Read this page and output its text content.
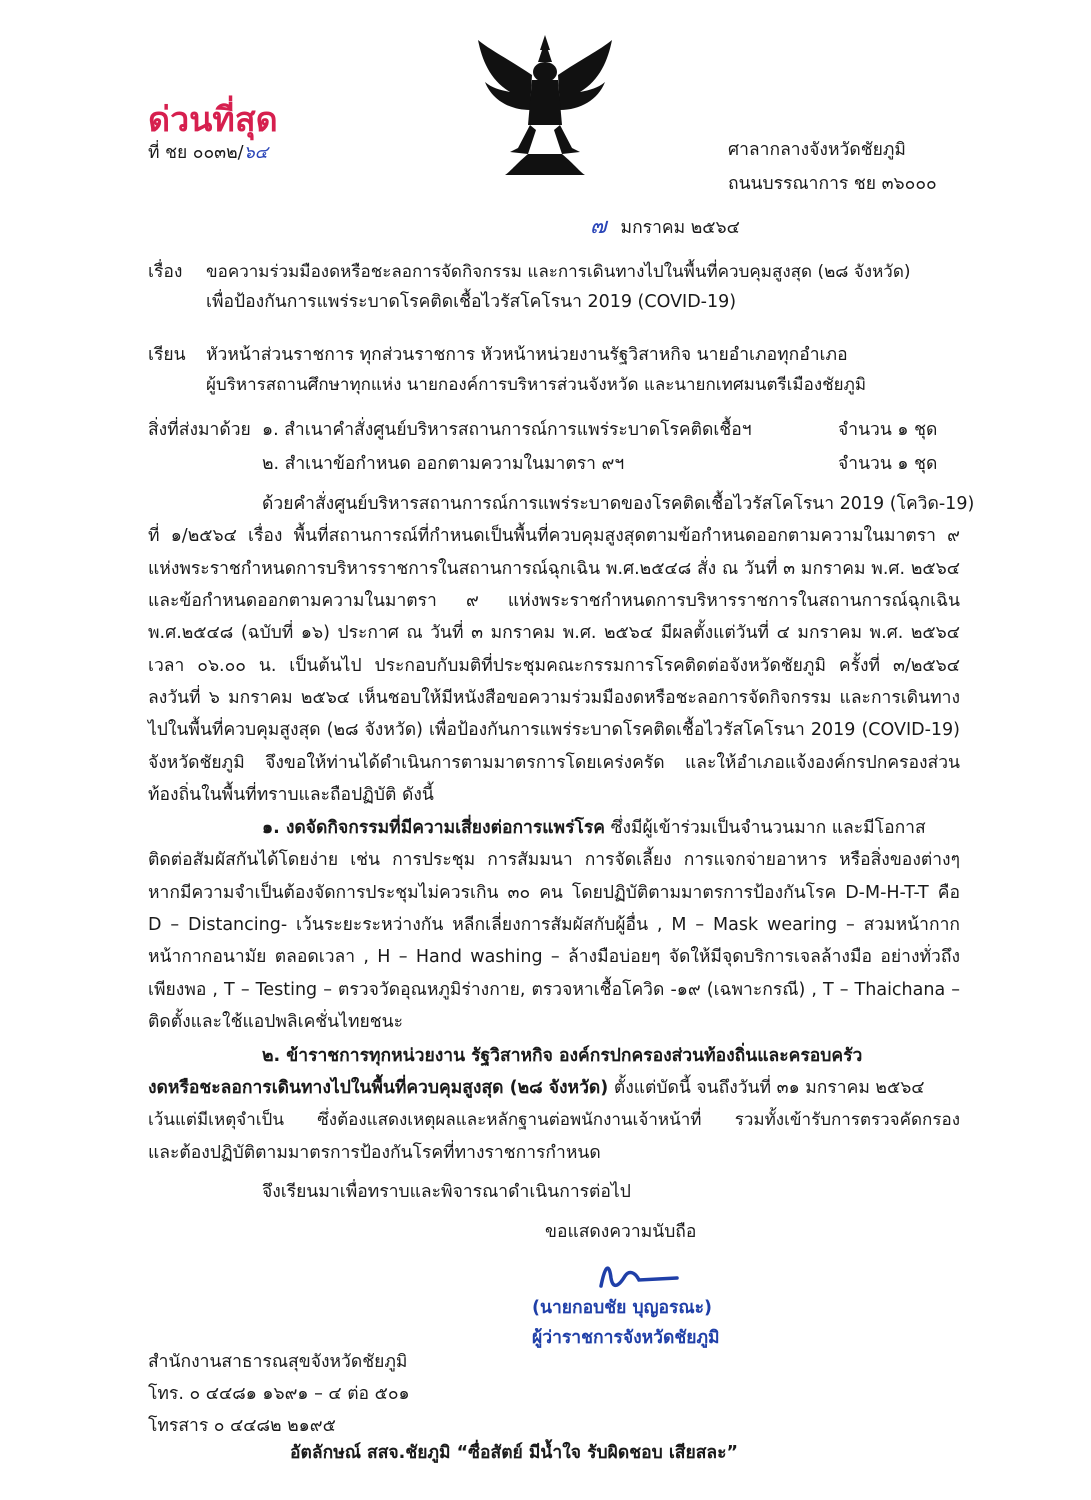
ด่วนที่สุด
ที่ ชย ๐๐๓๒/๖๔	ศาลากลางจังหวัดชัยภูมิ
ถนนบรรณาการ ชย ๓๖๐๐๐
๗ มกราคม ๒๕๖๔
เรื่อง ขอความร่วมมืองดหรือชะลอการจัดกิจกรรม และการเดินทางไปในพื้นที่ควบคุมสูงสุด (๒๘ จังหวัด)
เพื่อป้องกันการแพร่ระบาดโรคติดเชื้อไวรัสโคโรนา 2019 (COVID-19)
เรียน หัวหน้าส่วนราชการ ทุกส่วนราชการ หัวหน้าหน่วยงานรัฐวิสาหกิจ นายอำเภอทุกอำเภอ
ผู้บริหารสถานศึกษาทุกแห่ง นายกองค์การบริหารส่วนจังหวัด และนายกเทศมนตรีเมืองชัยภูมิ
สิ่งที่ส่งมาด้วย ๑. สำเนาคำสั่งศูนย์บริหารสถานการณ์การแพร่ระบาดโรคติดเชื้อฯ	จำนวน ๑ ชุด
๒. สำเนาข้อกำหนด ออกตามความในมาตรา ๙ฯ	จำนวน ๑ ชุด
ด้วยคำสั่งศูนย์บริหารสถานการณ์การแพร่ระบาดของโรคติดเชื้อไวรัสโคโรนา 2019 (โควิด-19)
ที่ ๑/๒๕๖๔ เรื่อง พื้นที่สถานการณ์ที่กำหนดเป็นพื้นที่ควบคุมสูงสุดตามข้อกำหนดออกตามความในมาตรา ๙
แห่งพระราชกำหนดการบริหารราชการในสถานการณ์ฉุกเฉิน พ.ศ.๒๕๔๘ สั่ง ณ วันที่ ๓ มกราคม พ.ศ. ๒๕๖๔
และข้อกำหนดออกตามความในมาตรา ๙ แห่งพระราชกำหนดการบริหารราชการในสถานการณ์ฉุกเฉิน
พ.ศ.๒๕๔๘ (ฉบับที่ ๑๖) ประกาศ ณ วันที่ ๓ มกราคม พ.ศ. ๒๕๖๔ มีผลตั้งแต่วันที่ ๔ มกราคม พ.ศ. ๒๕๖๔
เวลา ๐๖.๐๐ น. เป็นต้นไป ประกอบกับมติที่ประชุมคณะกรรมการโรคติดต่อจังหวัดชัยภูมิ ครั้งที่ ๓/๒๕๖๔
ลงวันที่ ๖ มกราคม ๒๕๖๔ เห็นชอบให้มีหนังสือขอความร่วมมืองดหรือชะลอการจัดกิจกรรม และการเดินทาง
ไปในพื้นที่ควบคุมสูงสุด (๒๘ จังหวัด) เพื่อป้องกันการแพร่ระบาดโรคติดเชื้อไวรัสโคโรนา 2019 (COVID-19)
จังหวัดชัยภูมิ จึงขอให้ท่านได้ดำเนินการตามมาตรการโดยเคร่งครัด และให้อำเภอแจ้งองค์กรปกครองส่วน
ท้องถิ่นในพื้นที่ทราบและถือปฏิบัติ ดังนี้
๑. งดจัดกิจกรรมที่มีความเสี่ยงต่อการแพร่โรค ซึ่งมีผู้เข้าร่วมเป็นจำนวนมาก และมีโอกาส
ติดต่อสัมผัสกันได้โดยง่าย เช่น การประชุม การสัมมนา การจัดเลี้ยง การแจกจ่ายอาหาร หรือสิ่งของต่างๆ
หากมีความจำเป็นต้องจัดการประชุมไม่ควรเกิน ๓๐ คน โดยปฏิบัติตามมาตรการป้องกันโรค D-M-H-T-T คือ
D – Distancing- เว้นระยะระหว่างกัน หลีกเลี่ยงการสัมผัสกับผู้อื่น , M – Mask wearing – สวมหน้ากาก
หน้ากากอนามัย ตลอดเวลา , H – Hand washing – ล้างมือบ่อยๆ จัดให้มีจุดบริการเจลล้างมือ อย่างทั่วถึง
เพียงพอ , T – Testing – ตรวจวัดอุณหภูมิร่างกาย, ตรวจหาเชื้อโควิด -๑๙ (เฉพาะกรณี) , T – Thaichana –
ติดตั้งและใช้แอปพลิเคชั่นไทยชนะ
๒. ข้าราชการทุกหน่วยงาน รัฐวิสาหกิจ องค์กรปกครองส่วนท้องถิ่นและครอบครัว
งดหรือชะลอการเดินทางไปในพื้นที่ควบคุมสูงสุด (๒๘ จังหวัด) ตั้งแต่บัดนี้ จนถึงวันที่ ๓๑ มกราคม ๒๕๖๔
เว้นแต่มีเหตุจำเป็น ซึ่งต้องแสดงเหตุผลและหลักฐานต่อพนักงานเจ้าหน้าที่ รวมทั้งเข้ารับการตรวจคัดกรอง
และต้องปฏิบัติตามมาตรการป้องกันโรคที่ทางราชการกำหนด
จึงเรียนมาเพื่อทราบและพิจารณาดำเนินการต่อไป
ขอแสดงความนับถือ
(นายกอบชัย บุญอรณะ)
ผู้ว่าราชการจังหวัดชัยภูมิ
สำนักงานสาธารณสุขจังหวัดชัยภูมิ
โทร. ๐ ๔๔๘๑ ๑๖๙๑ – ๔ ต่อ ๕๐๑
โทรสาร ๐ ๔๔๘๒ ๒๑๙๕
อัตลักษณ์ สสจ.ชัยภูมิ “ซื่อสัตย์ มีน้ำใจ รับผิดชอบ เสียสละ”
